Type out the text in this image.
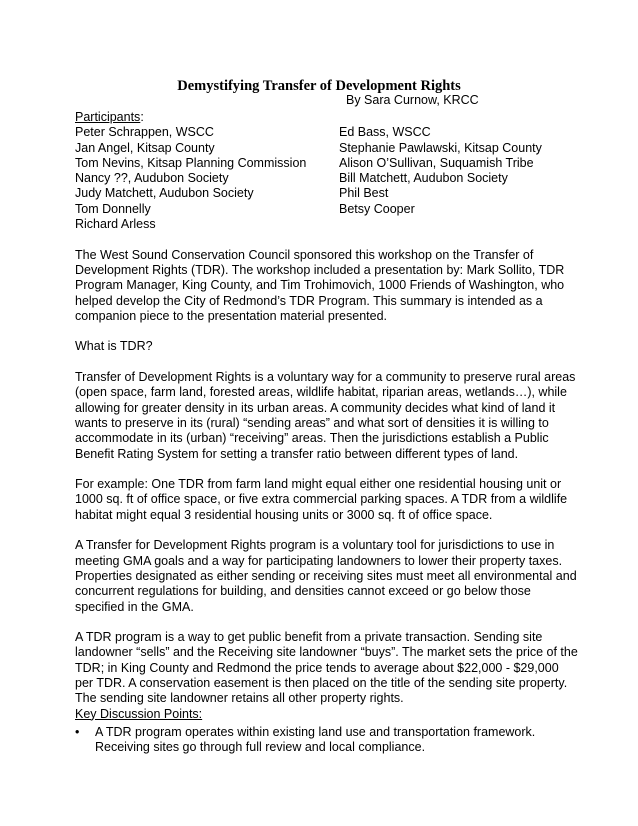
Demystifying Transfer of Development Rights
By Sara Curnow, KRCC
Participants:
Peter Schrappen, WSCC	Ed Bass, WSCC
Jan Angel, Kitsap County	Stephanie Pawlawski, Kitsap County
Tom Nevins, Kitsap Planning Commission	Alison O’Sullivan, Suquamish Tribe
Nancy ??, Audubon Society	Bill Matchett, Audubon Society
Judy Matchett, Audubon Society	Phil Best
Tom Donnelly	Betsy Cooper
Richard Arless

The West Sound Conservation Council sponsored this workshop on the Transfer of Development Rights (TDR). The workshop included a presentation by: Mark Sollito, TDR Program Manager, King County, and Tim Trohimovich, 1000 Friends of Washington, who helped develop the City of Redmond’s TDR Program. This summary is intended as a companion piece to the presentation material presented.

What is TDR?

Transfer of Development Rights is a voluntary way for a community to preserve rural areas (open space, farm land, forested areas, wildlife habitat, riparian areas, wetlands…), while allowing for greater density in its urban areas. A community decides what kind of land it wants to preserve in its (rural) “sending areas” and what sort of densities it is willing to accommodate in its (urban) “receiving” areas. Then the jurisdictions establish a Public Benefit Rating System for setting a transfer ratio between different types of land.

For example: One TDR from farm land might equal either one residential housing unit or 1000 sq. ft of office space, or five extra commercial parking spaces. A TDR from a wildlife habitat might equal 3 residential housing units or 3000 sq. ft of office space.

A Transfer for Development Rights program is a voluntary tool for jurisdictions to use in meeting GMA goals and a way for participating landowners to lower their property taxes. Properties designated as either sending or receiving sites must meet all environmental and concurrent regulations for building, and densities cannot exceed or go below those specified in the GMA.

A TDR program is a way to get public benefit from a private transaction. Sending site landowner “sells” and the Receiving site landowner “buys”. The market sets the price of the TDR; in King County and Redmond the price tends to average about $22,000 - $29,000 per TDR. A conservation easement is then placed on the title of the sending site property. The sending site landowner retains all other property rights.

Key Discussion Points:
• A TDR program operates within existing land use and transportation framework. Receiving sites go through full review and local compliance.
